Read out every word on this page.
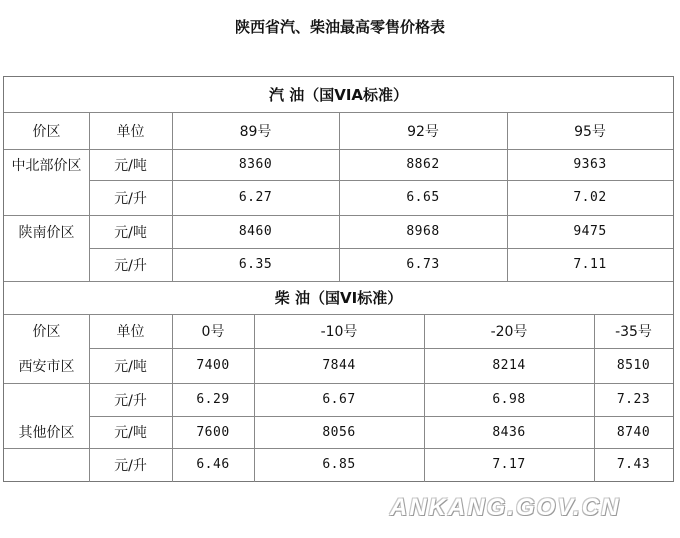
陕西省汽、柴油最高零售价格表
汽 油（国VIA标准）
价区	单位	89号	92号	95号
中北部价区	元/吨	8360	8862	9363
元/升	6.27	6.65	7.02
陕南价区	元/吨	8460	8968	9475
元/升	6.35	6.73	7.11
柴 油（国VI标准）
价区	单位	0号	-10号	-20号	-35号
西安市区	元/吨	7400	7844	8214	8510
元/升	6.29	6.67	6.98	7.23
其他价区	元/吨	7600	8056	8436	8740
元/升	6.46	6.85	7.17	7.43
ANKANG.GOV.CN
